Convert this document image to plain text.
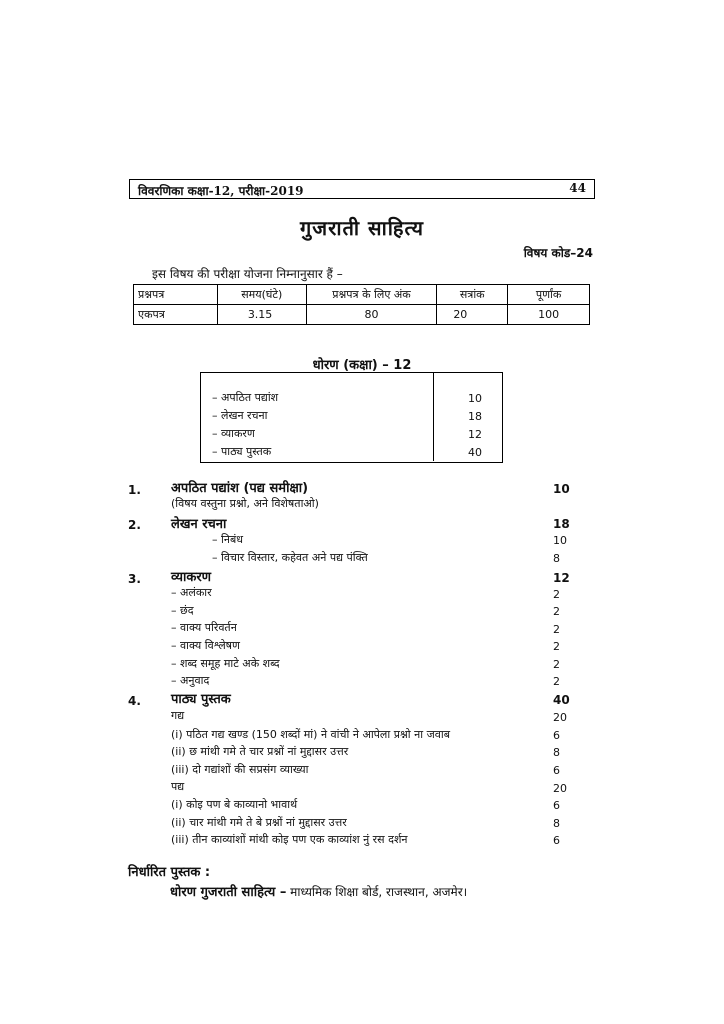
विवरणिका कक्षा-12, परीक्षा-2019	44
गुजराती साहित्य
विषय कोड–24
इस विषय की परीक्षा योजना निम्नानुसार हैं –
प्रश्नपत्र	समय(घंटे)	प्रश्नपत्र के लिए अंक	सत्रांक	पूर्णांक
एकपत्र	3.15	80	20	100
धोरण (कक्षा) – 12
– अपठित पद्यांश	10
– लेखन रचना	18
– व्याकरण	12
– पाठ्य पुस्तक	40
1. अपठित पद्यांश (पद्य समीक्षा)	10
(विषय वस्तुना प्रश्नो, अने विशेषताओ)
2. लेखन रचना	18
– निबंध	10
– विचार विस्तार, कहेवत अने पद्य पंक्ति	8
3. व्याकरण	12
– अलंकार	2
– छंद	2
– वाक्य परिवर्तन	2
– वाक्य विश्लेषण	2
– शब्द समूह माटे अके शब्द	2
– अनुवाद	2
4. पाठ्य पुस्तक	40
गद्य	20
(i) पठित गद्य खण्ड (150 शब्दों मां) ने वांची ने आपेला प्रश्नो ना जवाब	6
(ii) छ मांथी गमे ते चार प्रश्नों नां मुद्दासर उत्तर	8
(iii) दो गद्यांशों की सप्रसंग व्याख्या	6
पद्य	20
(i) कोइ पण बे काव्यानो भावार्थ	6
(ii) चार मांथी गमे ते बे प्रश्नों नां मुद्दासर उत्तर	8
(iii) तीन काव्यांशों मांथी कोइ पण एक काव्यांश नुं रस दर्शन	6
निर्धारित पुस्तक :
धोरण गुजराती साहित्य – माध्यमिक शिक्षा बोर्ड, राजस्थान, अजमेर।
